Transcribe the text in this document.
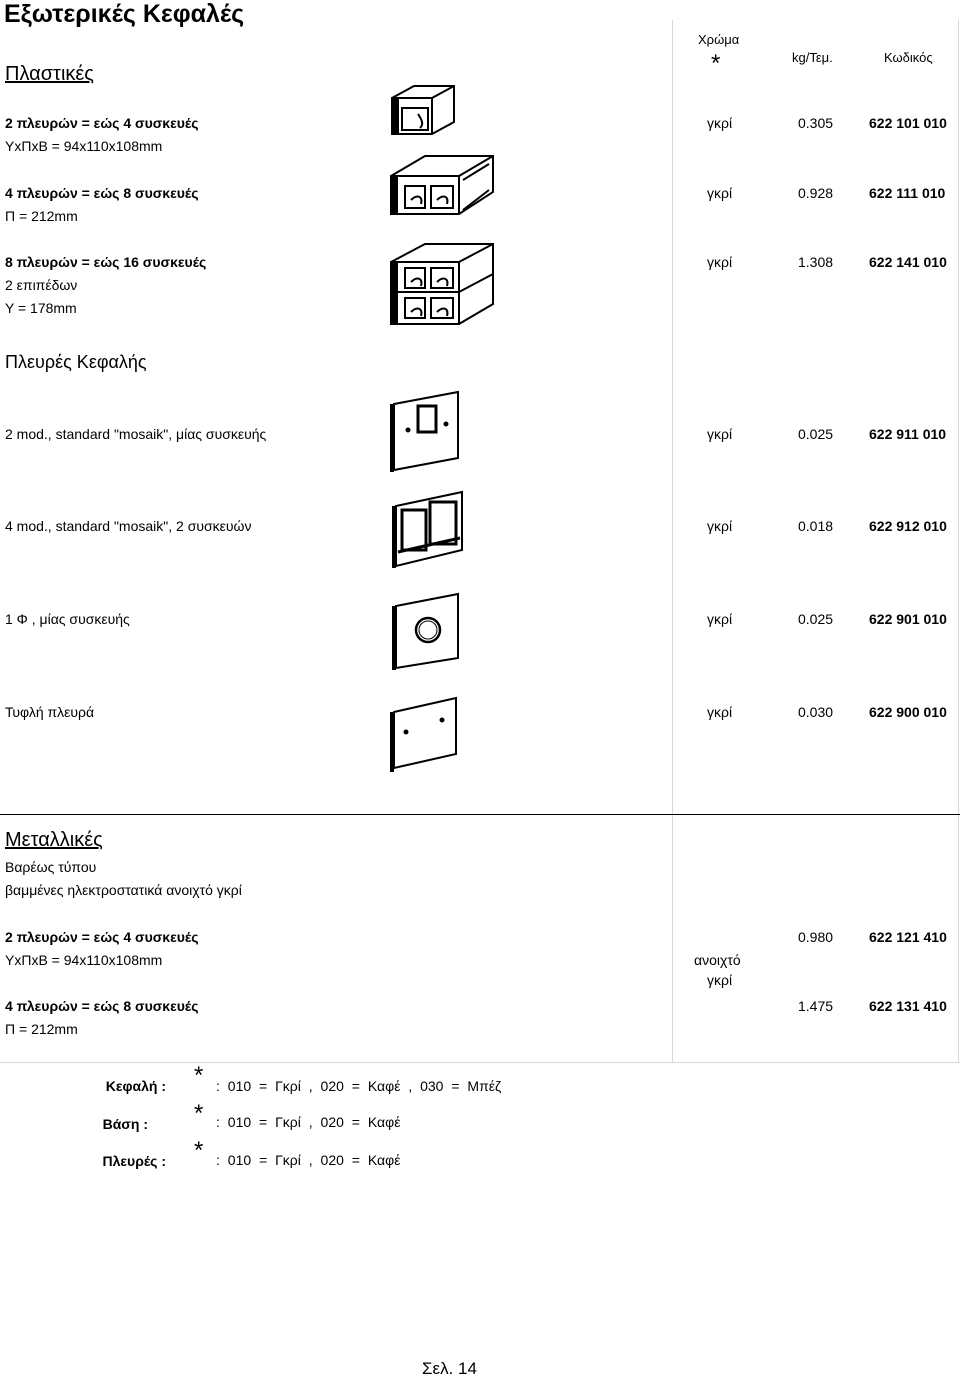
Εξωτερικές Κεφαλές
Πλαστικές
Χρώμα
*	kg/Τεμ.	Κωδικός
2 πλευρών = εώς 4 συσκευές
ΥxΠxΒ = 94x110x108mm
γκρί	0.305	622 101 010
4 πλευρών = εώς 8 συσκευές
Π = 212mm
γκρί	0.928	622 111 010
8 πλευρών = εώς 16 συσκευές
2 επιπέδων
Υ = 178mm
γκρί	1.308	622 141 010
Πλευρές Κεφαλής
2 mod., standard "mosaik", μίας συσκευής	γκρί	0.025	622 911 010
4 mod., standard "mosaik", 2 συσκευών	γκρί	0.018	622 912 010
1 Φ , μίας συσκευής	γκρί	0.025	622 901 010
Τυφλή πλευρά	γκρί	0.030	622 900 010
Μεταλλικές
Βαρέως τύπου
βαμμένες ηλεκτροστατικά ανοιχτό γκρί
2 πλευρών = εώς 4 συσκευές
ΥxΠxΒ = 94x110x108mm
0.980	622 121 410
ανοιχτό
γκρί
4 πλευρών = εώς 8 συσκευές
Π = 212mm
1.475	622 131 410
Κεφαλή : * : 010 = Γκρί , 020 = Καφέ , 030 = Μπέζ
Βάση : * : 010 = Γκρί , 020 = Καφέ
Πλευρές : * : 010 = Γκρί , 020 = Καφέ
Σελ. 14
